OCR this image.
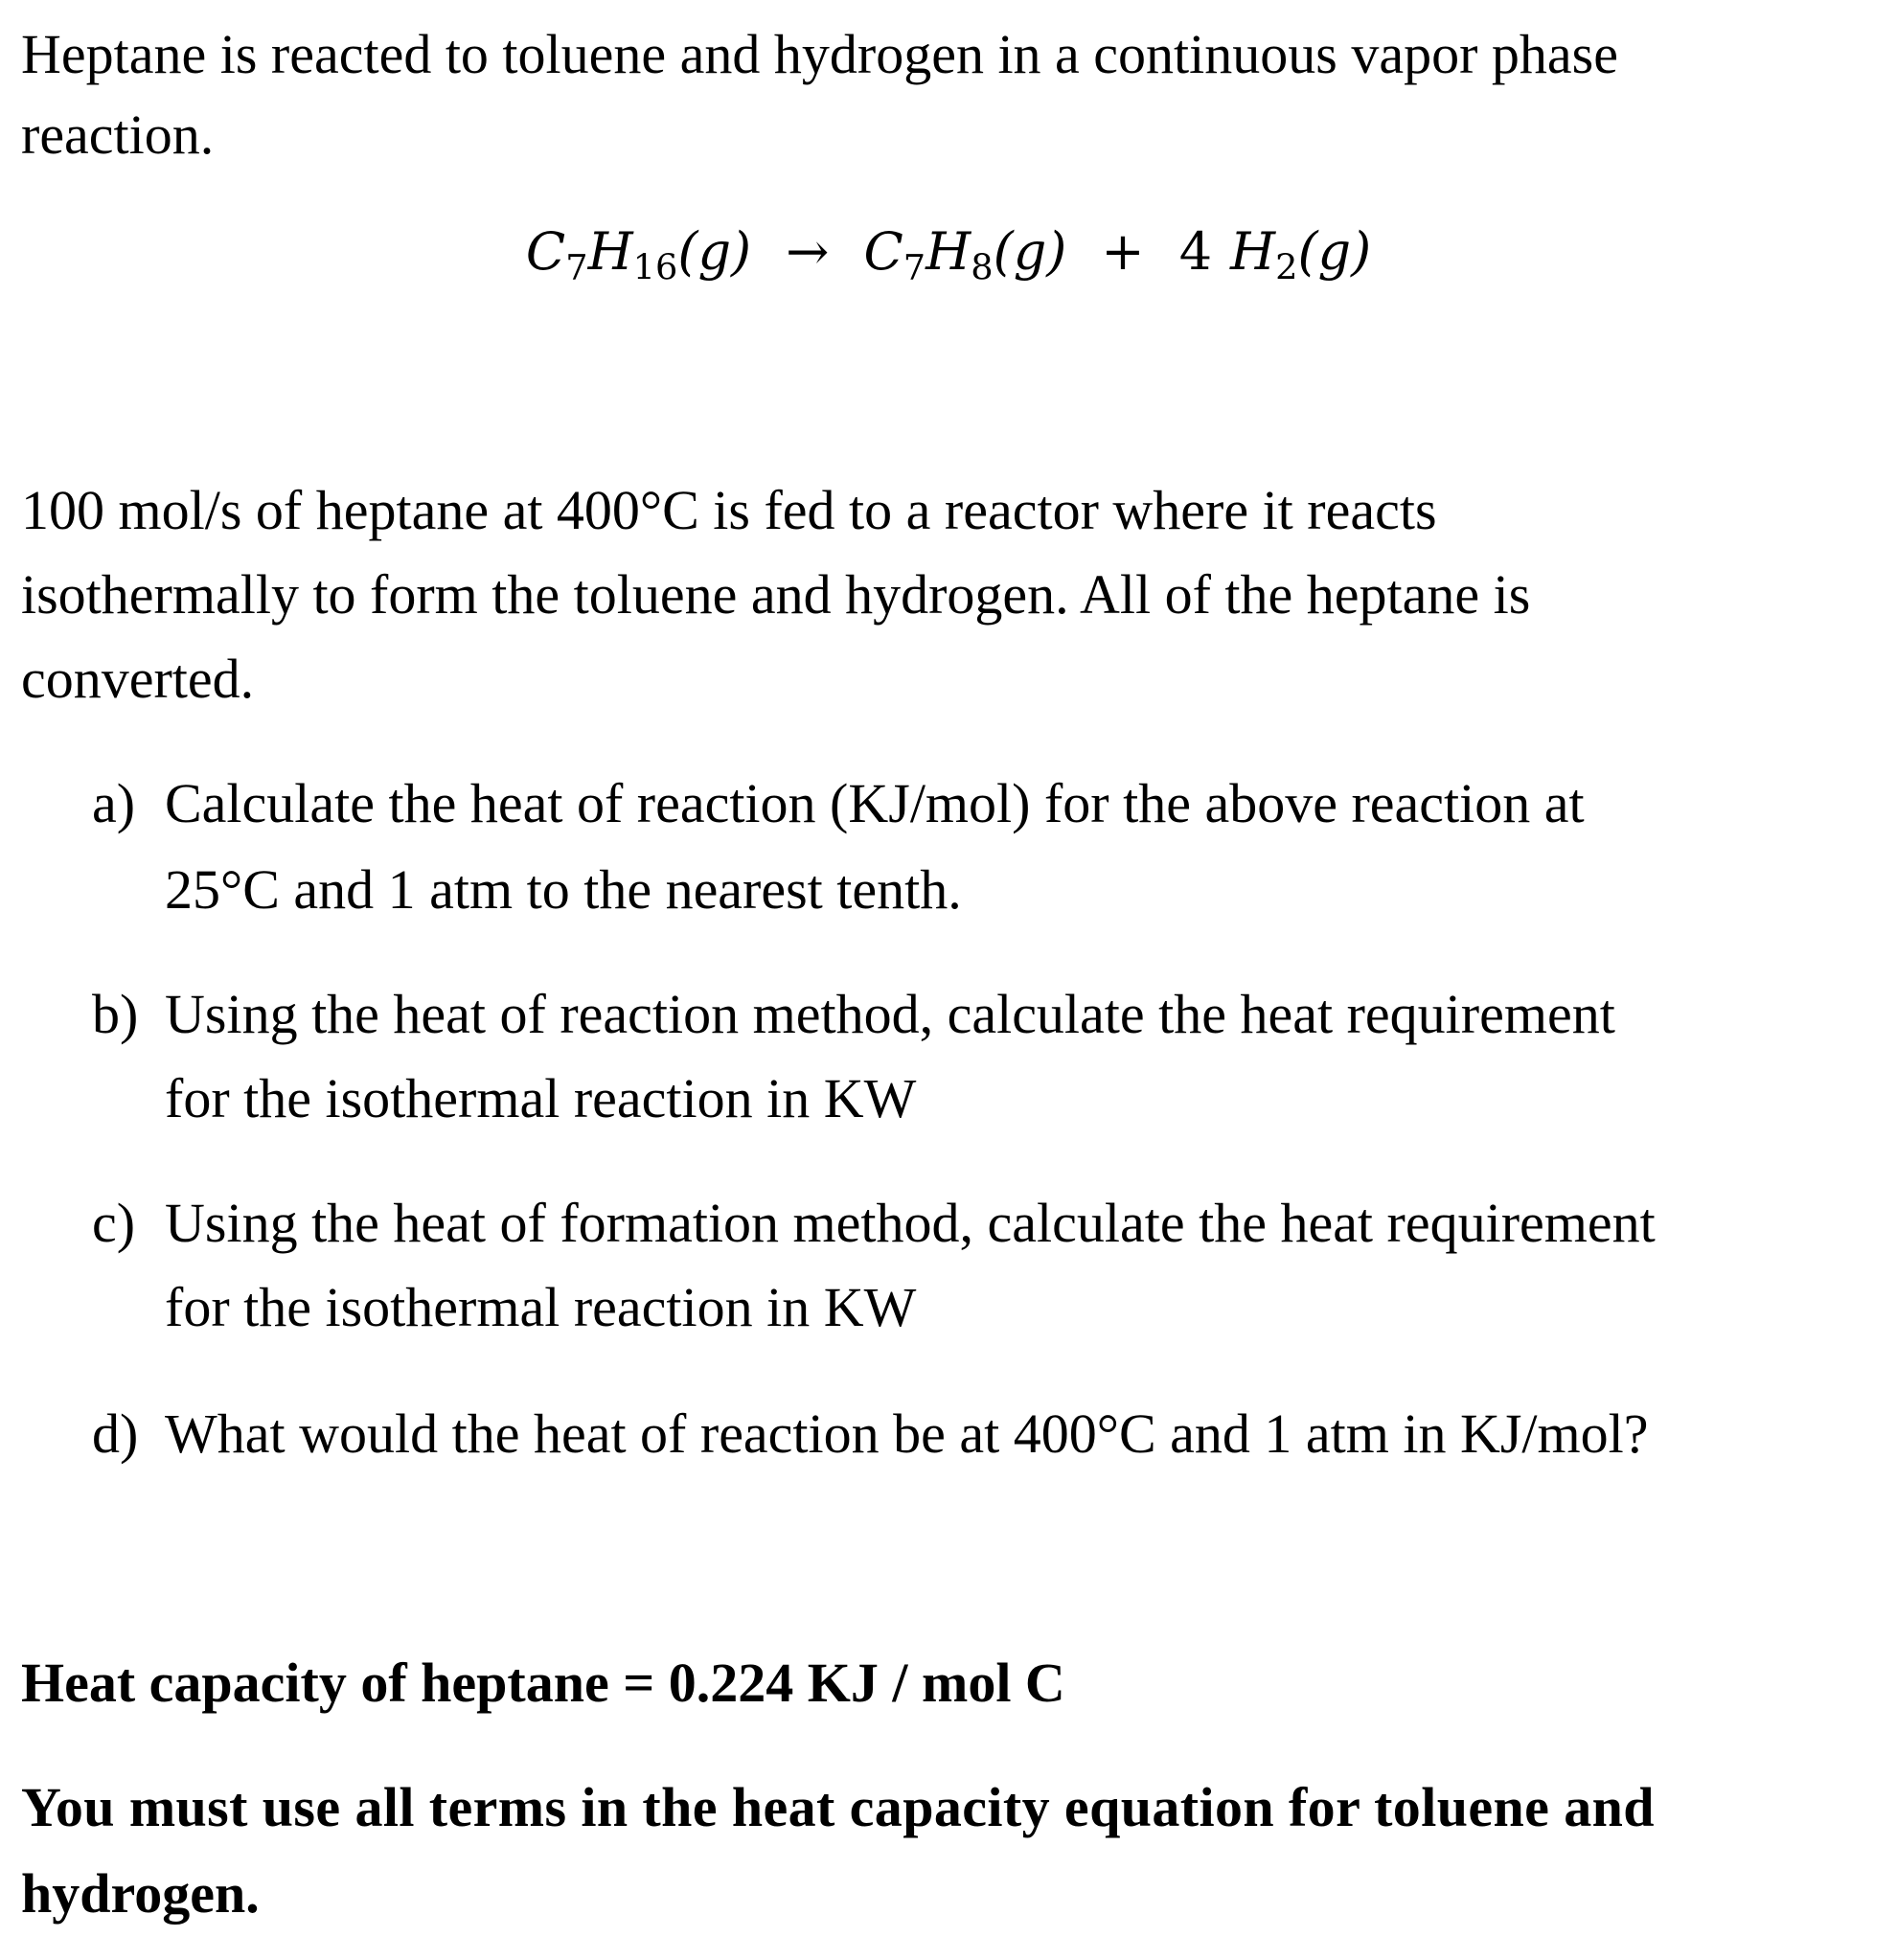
Heptane is reacted to toluene and hydrogen in a continuous vapor phase
reaction.
$C_7H_{16}(g) \to C_7H_8(g) + 4$ $H_2(g)$
100 mol/s of heptane at 400°C is fed to a reactor where it reacts
isothermally to form the toluene and hydrogen. All of the heptane is
converted.
a) Calculate the heat of reaction (KJ/mol) for the above reaction at
25°C and 1 atm to the nearest tenth.
b) Using the heat of reaction method, calculate the heat requirement
for the isothermal reaction in KW
c) Using the heat of formation method, calculate the heat requirement
for the isothermal reaction in KW
d) What would the heat of reaction be at 400°C and 1 atm in KJ/mol?
Heat capacity of heptane = 0.224 KJ / mol C
You must use all terms in the heat capacity equation for toluene and
hydrogen.
